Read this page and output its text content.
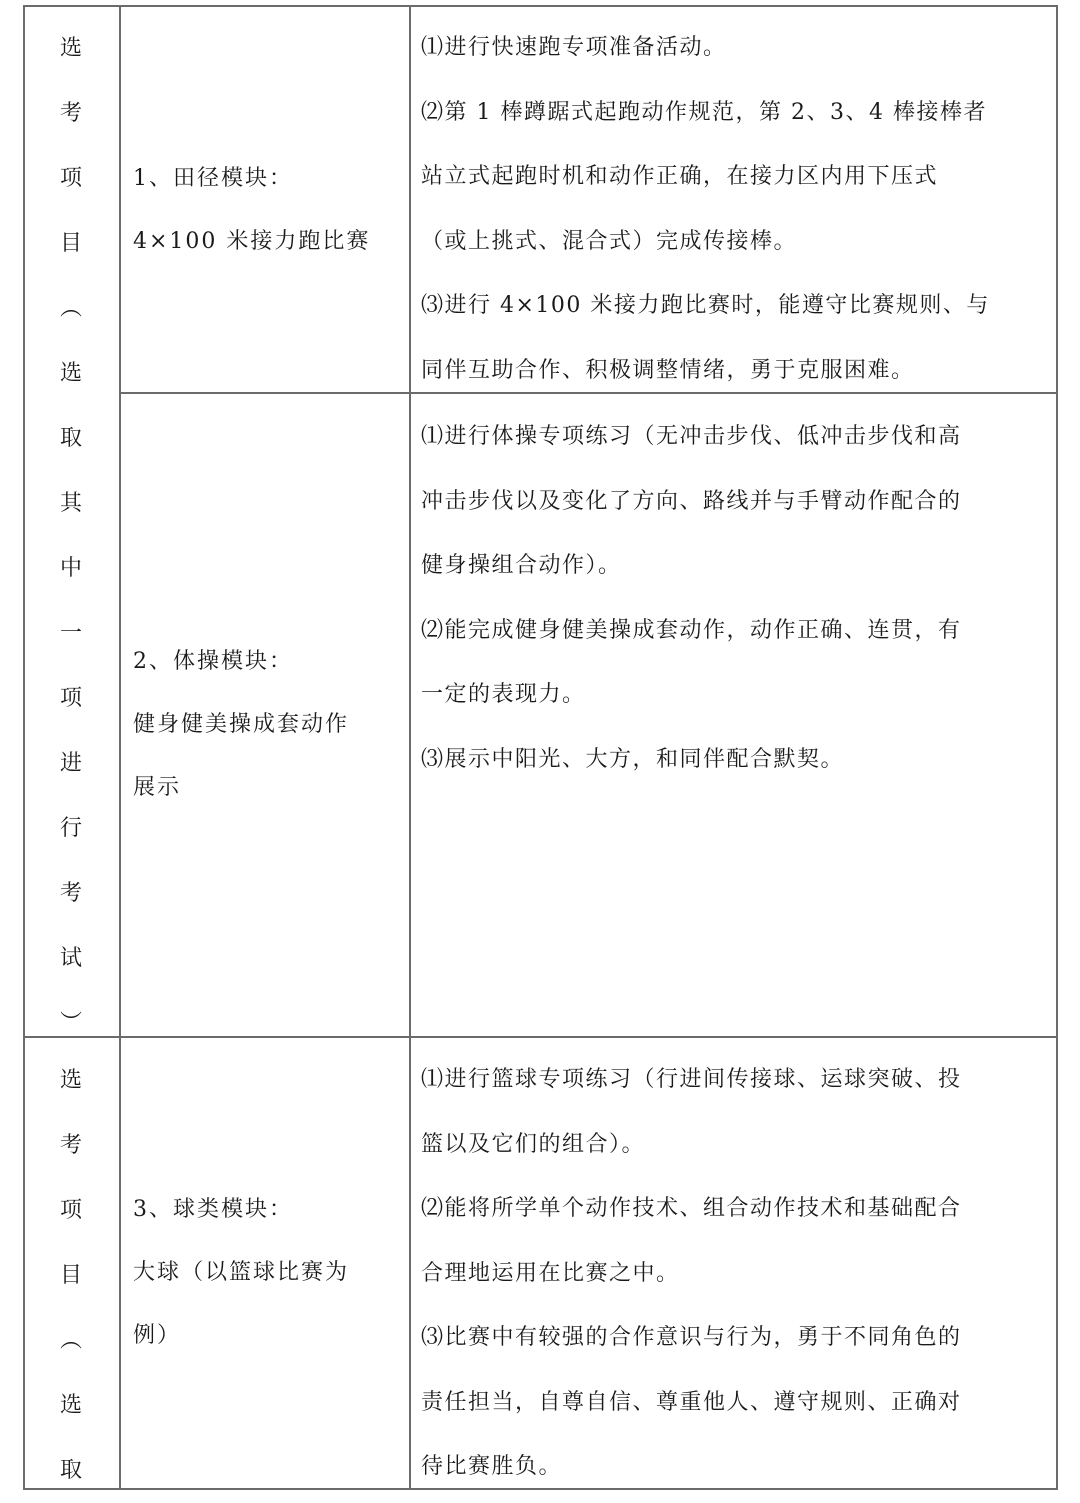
选
考
项
目
︵
选
取
其
中
一
项
进
行
考
试
︶
1、田径模块：
4×100 米接力跑比赛

⑴进行快速跑专项准备活动。

⑵第 1 棒蹲踞式起跑动作规范，第 2、3、4 棒接棒者

站立式起跑时机和动作正确，在接力区内用下压式

（或上挑式、混合式）完成传接棒。

⑶进行 4×100 米接力跑比赛时，能遵守比赛规则、与

同伴互助合作、积极调整情绪，勇于克服困难。

2、体操模块：
健身健美操成套动作
展示

⑴进行体操专项练习（无冲击步伐、低冲击步伐和高

冲击步伐以及变化了方向、路线并与手臂动作配合的

健身操组合动作）。

⑵能完成健身健美操成套动作，动作正确、连贯，有

一定的表现力。

⑶展示中阳光、大方，和同伴配合默契。

选
考
项
目
︵
选
取
3、球类模块：
大球（以篮球比赛为
例）

⑴进行篮球专项练习（行进间传接球、运球突破、投

篮以及它们的组合）。

⑵能将所学单个动作技术、组合动作技术和基础配合

合理地运用在比赛之中。

⑶比赛中有较强的合作意识与行为，勇于不同角色的

责任担当，自尊自信、尊重他人、遵守规则、正确对

待比赛胜负。
